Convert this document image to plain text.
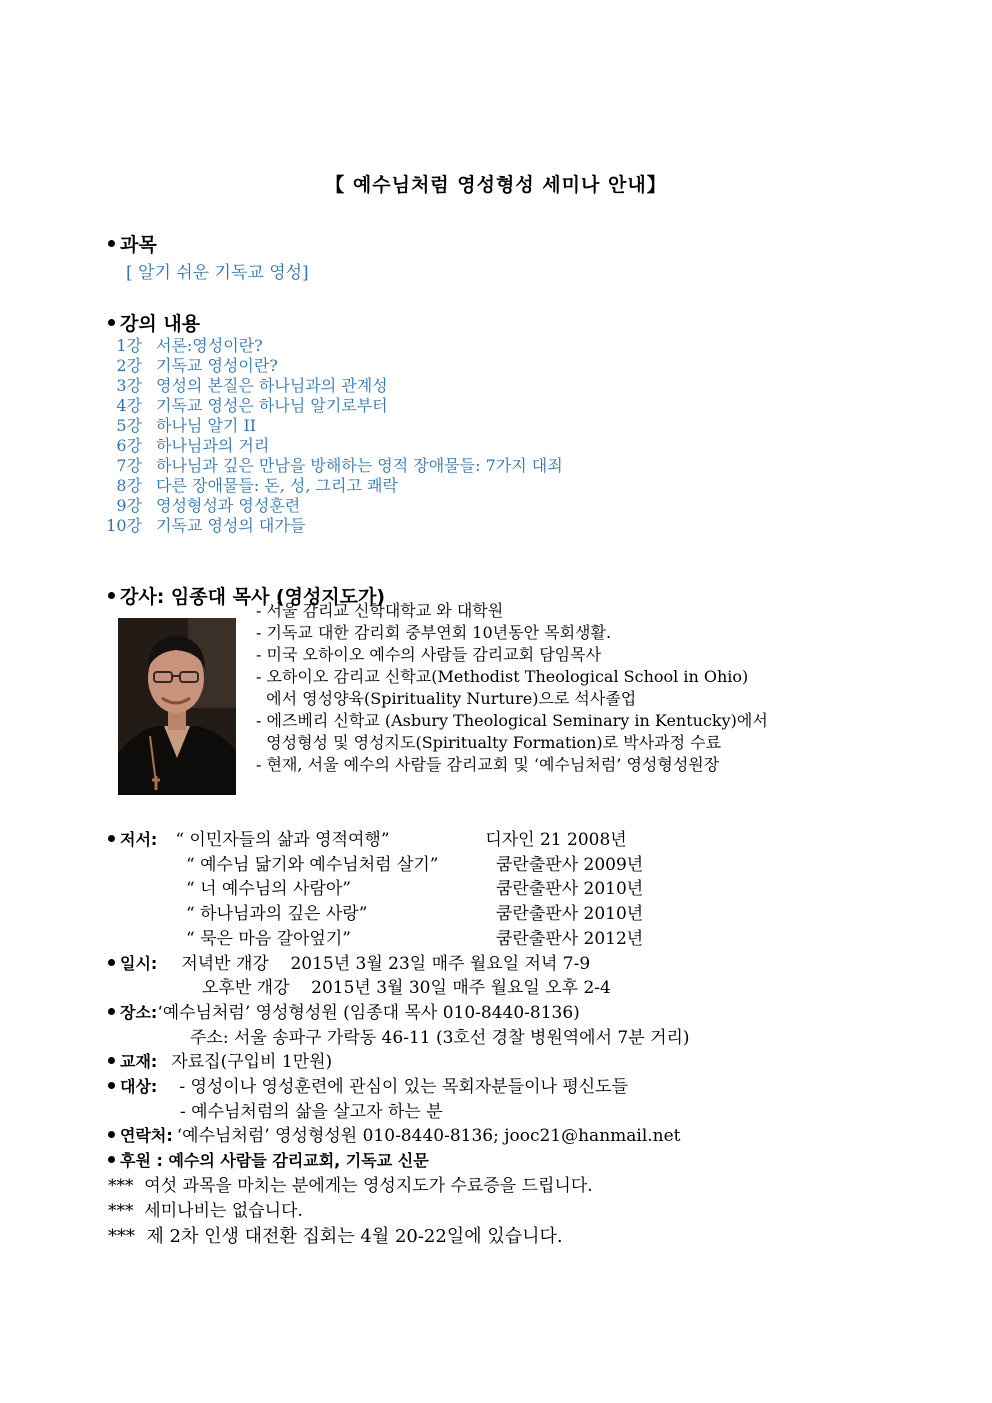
【 예수님처럼 영성형성 세미나 안내】
과목
[ 알기 쉬운 기독교 영성]
강의 내용
1강 서론:영성이란?
2강 기독교 영성이란?
3강 영성의 본질은 하나님과의 관계성
4강 기독교 영성은 하나님 알기로부터
5강 하나님 알기 II
6강 하나님과의 거리
7강 하나님과 깊은 만남을 방해하는 영적 장애물들: 7가지 대죄
8강 다른 장애물들: 돈, 성, 그리고 쾌락
9강 영성형성과 영성훈련
10강 기독교 영성의 대가들
강사: 임종대 목사 (영성지도가)
- 서울 감리교 신학대학교 와 대학원
- 기독교 대한 감리회 중부연회 10년동안 목회생활.
- 미국 오하이오 예수의 사람들 감리교회 담임목사
- 오하이오 감리교 신학교(Methodist Theological School in Ohio)
에서 영성양육(Spirituality Nurture)으로 석사졸업
- 에즈베리 신학교 (Asbury Theological Seminary in Kentucky)에서
영성형성 및 영성지도(Spiritualty Formation)로 박사과정 수료
- 현재, 서울 예수의 사람들 감리교회 및 ‘예수님처럼’ 영성형성원장
저서: “ 이민자들의 삶과 영적여행”	디자인 21 2008년
“ 예수님 닮기와 예수님처럼 살기”	쿰란출판사 2009년
“ 너 예수님의 사람아”	쿰란출판사 2010년
“ 하나님과의 깊은 사랑”	쿰란출판사 2010년
“ 묵은 마음 갈아엎기”	쿰란출판사 2012년
일시: 저녁반 개강    2015년 3월 23일 매주 월요일 저녁 7-9
오후반 개강    2015년 3월 30일 매주 월요일 오후 2-4
장소:‘예수님처럼’ 영성형성원 (임종대 목사 010-8440-8136)
주소: 서울 송파구 가락동 46-11 (3호선 경찰 병원역에서 7분 거리)
교재: 자료집(구입비 1만원)
대상: - 영성이나 영성훈련에 관심이 있는 목회자분들이나 평신도들
- 예수님처럼의 삶을 살고자 하는 분
연락처: ‘예수님처럼’ 영성형성원 010-8440-8136; jooc21@hanmail.net
후원 : 예수의 사람들 감리교회, 기독교 신문
***  여섯 과목을 마치는 분에게는 영성지도가 수료증을 드립니다.
***  세미나비는 없습니다.
***  제 2차 인생 대전환 집회는 4월 20-22일에 있습니다.
